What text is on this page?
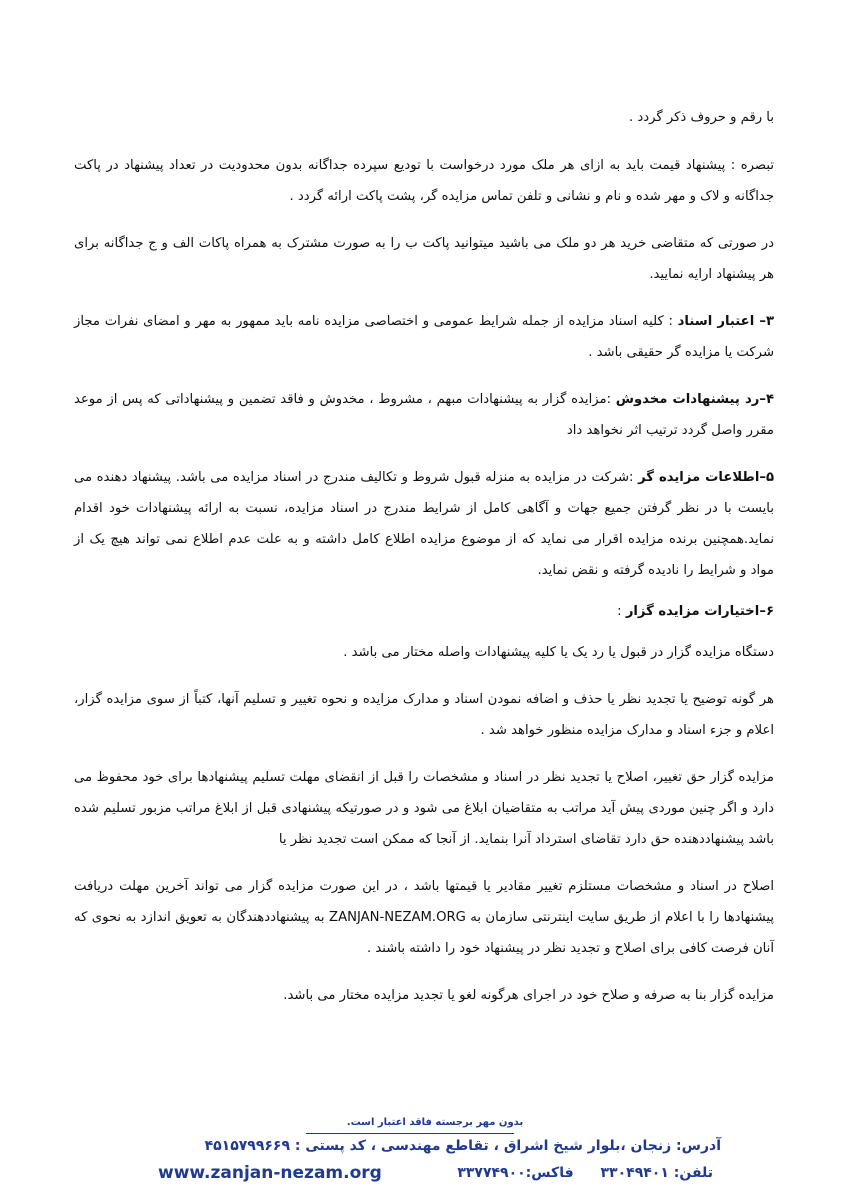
با رقم و حروف ذکر گردد .

تبصره : پیشنهاد قیمت باید به ازای هر ملک مورد درخواست با تودیع سپرده جداگانه بدون محدودیت در تعداد پیشنهاد در پاکت جداگانه و لاک و مهر شده و نام و نشانی و تلفن تماس مزایده گر، پشت پاکت ارائه گردد .

در صورتی که متقاضی خرید هر دو ملک می باشید میتوانید پاکت ب را به صورت مشترک به همراه پاکات الف و ج جداگانه برای هر پیشنهاد ارایه نمایید.

۳– اعتبار اسناد : کلیه اسناد مزایده از جمله شرایط عمومی و اختصاصی مزایده نامه باید ممهور به مهر و امضای نفرات مجاز شرکت یا مزایده گر حقیقی باشد .

۴–رد پیشنهادات مخدوش :مزایده گزار به پیشنهادات مبهم ، مشروط ، مخدوش و فاقد تضمین و پیشنهاداتی که پس از موعد مقرر واصل گردد ترتیب اثر نخواهد داد

۵–اطلاعات مزایده گر :شرکت در مزایده به منزله قبول شروط و تکالیف مندرج در اسناد مزایده می باشد. پیشنهاد دهنده می بایست با در نظر گرفتن جمیع جهات و آگاهی کامل از شرایط مندرج در اسناد مزایده، نسبت به ارائه پیشنهادات خود اقدام نماید.همچنین برنده مزایده اقرار می نماید که از موضوع مزایده اطلاع کامل داشته و به علت عدم اطلاع نمی تواند هیچ یک از مواد و شرایط را نادیده گرفته و نقض نماید.

۶–اختیارات مزایده گزار :

دستگاه مزایده گزار در قبول یا رد یک یا کلیه پیشنهادات واصله مختار می باشد .

هر گونه توضیح یا تجدید نظر یا حذف و اضافه نمودن اسناد و مدارک مزایده و نحوه تغییر و تسلیم آنها، کتباً از سوی مزایده گزار، اعلام و جزء اسناد و مدارک مزایده منظور خواهد شد .

مزایده گزار حق تغییر، اصلاح یا تجدید نظر در اسناد و مشخصات را قبل از انقضای مهلت تسلیم پیشنهادها برای خود محفوظ می دارد و اگر چنین موردی پیش آید مراتب به متقاضیان ابلاغ می شود و در صورتیکه پیشنهادی قبل از ابلاغ مراتب مزبور تسلیم شده باشد پیشنهاددهنده حق دارد تقاضای استرداد آنرا بنماید. از آنجا که ممکن است تجدید نظر یا

اصلاح در اسناد و مشخصات مستلزم تغییر مقادیر یا قیمتها باشد ، در این صورت مزایده گزار می تواند آخرین مهلت دریافت پیشنهادها را با اعلام از طریق سایت اینترنتی سازمان به ZANJAN-NEZAM.ORG به پیشنهاددهندگان به تعویق اندازد به نحوی که آنان فرصت کافی برای اصلاح و تجدید نظر در پیشنهاد خود را داشته باشند .

مزایده گزار بنا به صرفه و صلاح خود در اجرای هرگونه لغو یا تجدید مزایده مختار می باشد.

بدون مهر برجسته فاقد اعتبار است.
آدرس: زنجان ،بلوار شیخ اشراق ، تقاطع مهندسی ، کد پستی : ۴۵۱۵۷۹۹۶۶۹
تلفن: ۳۳۰۴۹۴۰۱ فاکس:۳۳۷۷۴۹۰۰
www.zanjan-nezam.org
